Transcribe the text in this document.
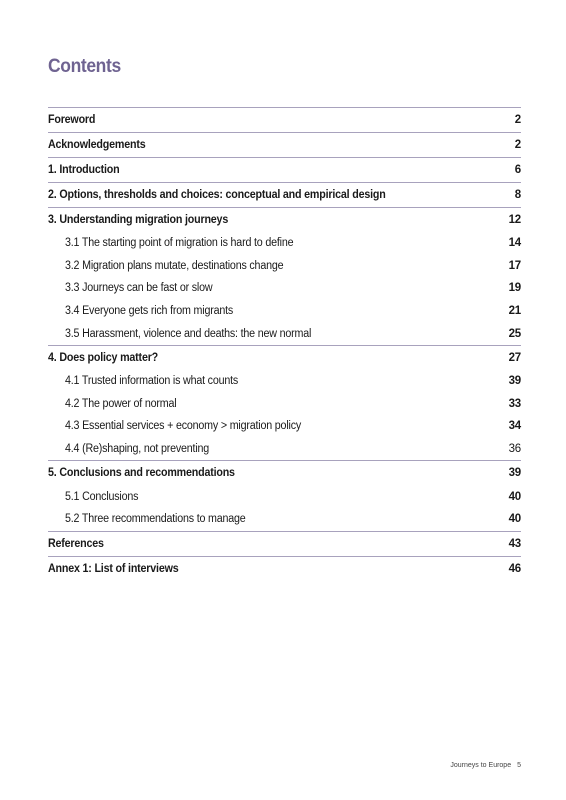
Contents
Foreword	2
Acknowledgements	2
1. Introduction	6
2. Options, thresholds and choices: conceptual and empirical design	8
3. Understanding migration journeys	12
3.1 The starting point of migration is hard to define	14
3.2 Migration plans mutate, destinations change	17
3.3 Journeys can be fast or slow	19
3.4 Everyone gets rich from migrants	21
3.5 Harassment, violence and deaths: the new normal	25
4. Does policy matter?	27
4.1 Trusted information is what counts	39
4.2 The power of normal	33
4.3 Essential services + economy > migration policy	34
4.4 (Re)shaping, not preventing	36
5. Conclusions and recommendations	39
5.1 Conclusions	40
5.2 Three recommendations to manage	40
References	43
Annex 1: List of interviews	46
Journeys to Europe 5
